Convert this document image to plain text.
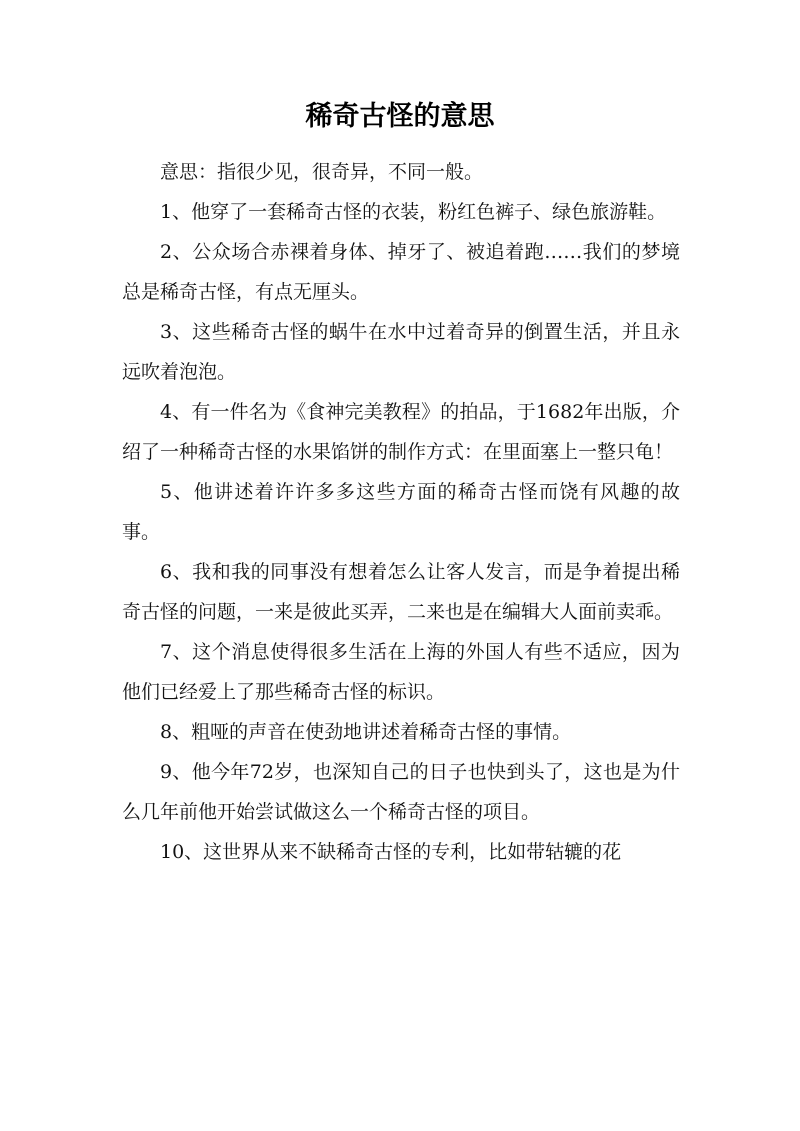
稀奇古怪的意思

意思：指很少见，很奇异，不同一般。

1、他穿了一套稀奇古怪的衣装，粉红色裤子、绿色旅游鞋。

2、公众场合赤裸着身体、掉牙了、被追着跑……我们的梦境总是稀奇古怪，有点无厘头。

3、这些稀奇古怪的蜗牛在水中过着奇异的倒置生活，并且永远吹着泡泡。

4、有一件名为《食神完美教程》的拍品，于1682年出版，介绍了一种稀奇古怪的水果馅饼的制作方式：在里面塞上一整只龟！

5、他讲述着许许多多这些方面的稀奇古怪而饶有风趣的故事。

6、我和我的同事没有想着怎么让客人发言，而是争着提出稀奇古怪的问题，一来是彼此买弄，二来也是在编辑大人面前卖乖。

7、这个消息使得很多生活在上海的外国人有些不适应，因为他们已经爱上了那些稀奇古怪的标识。

8、粗哑的声音在使劲地讲述着稀奇古怪的事情。

9、他今年72岁，也深知自己的日子也快到头了，这也是为什么几年前他开始尝试做这么一个稀奇古怪的项目。

10、这世界从来不缺稀奇古怪的专利，比如带轱辘的花
